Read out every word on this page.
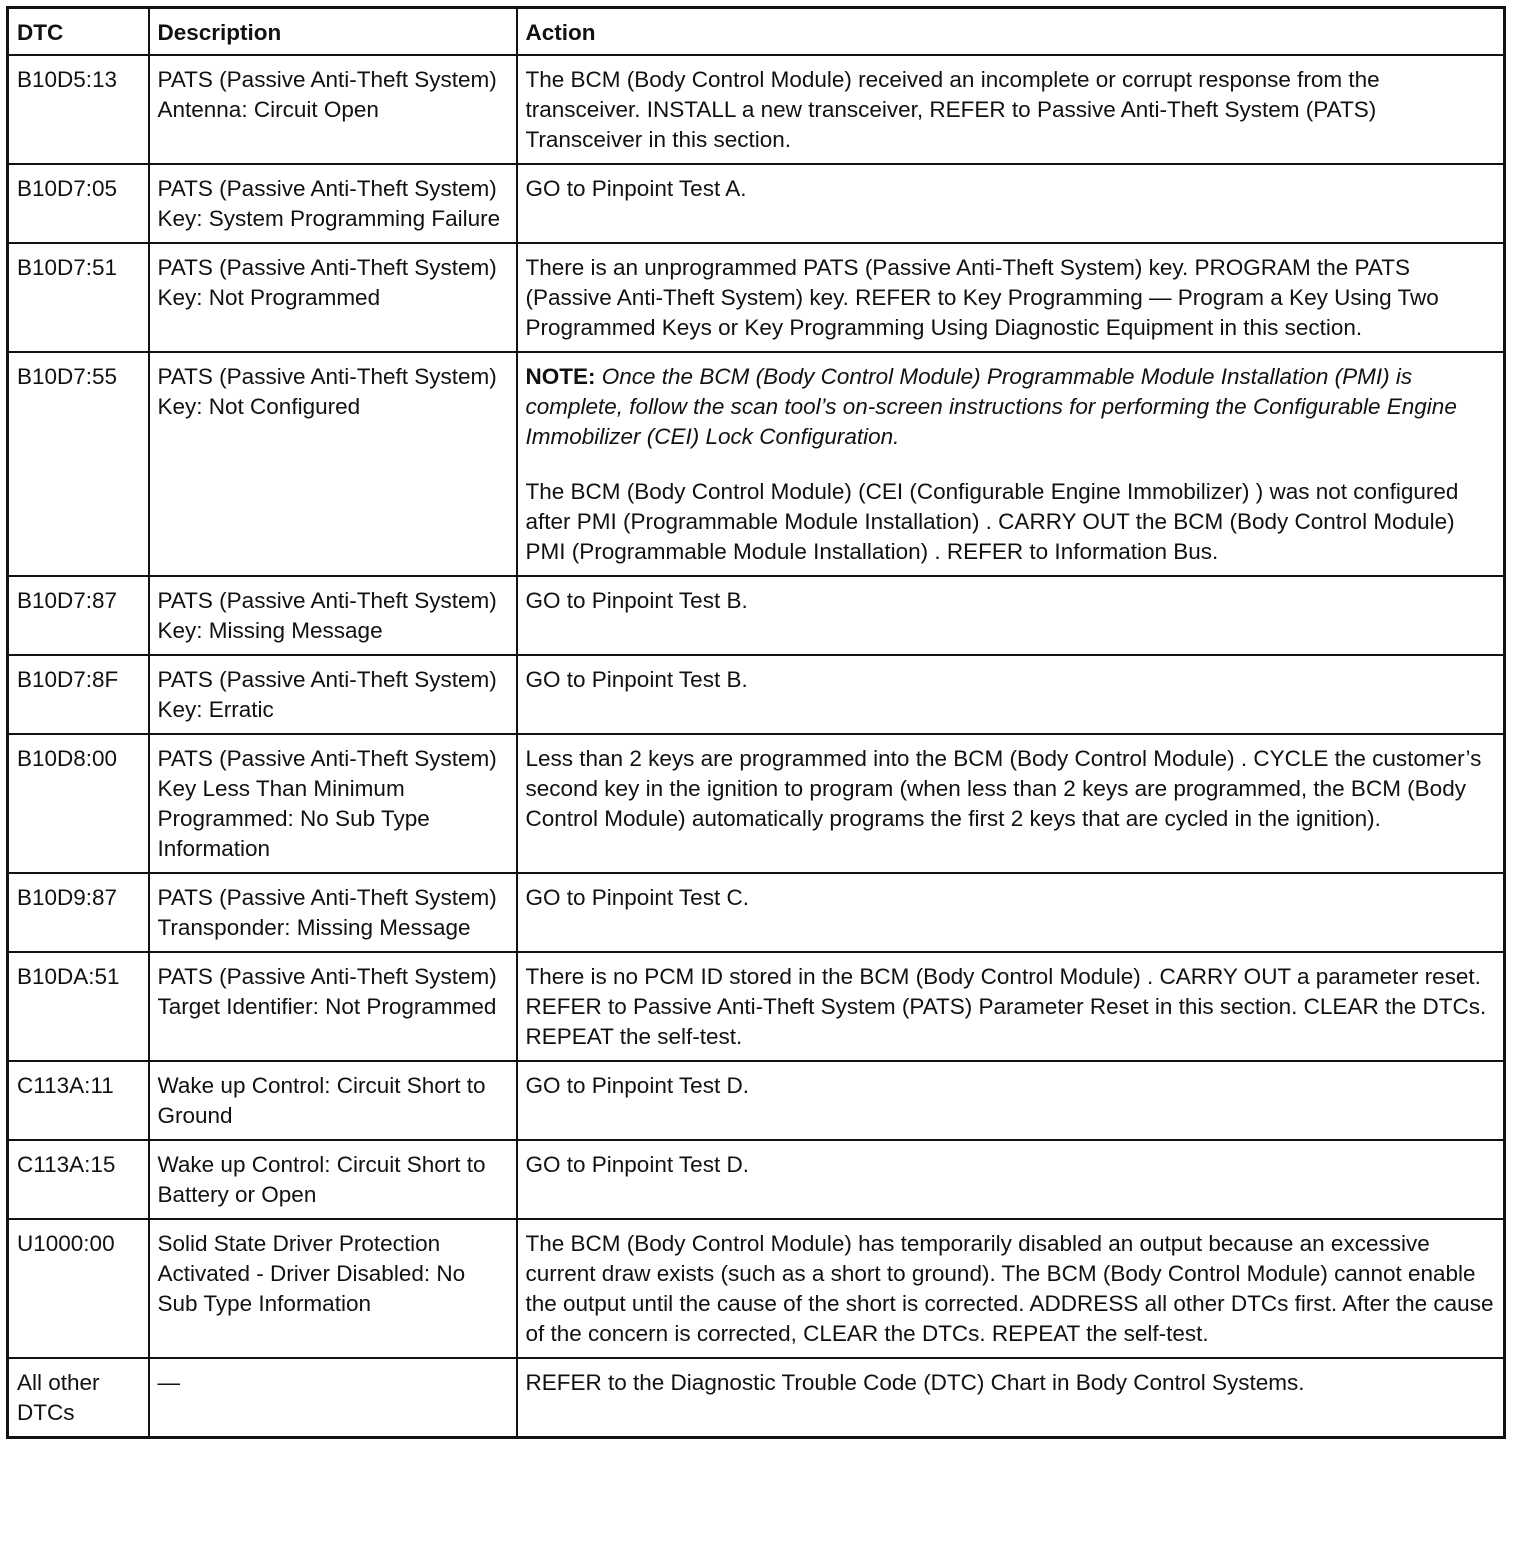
DTC	Description	Action
B10D5:13	PATS (Passive Anti-Theft System) Antenna: Circuit Open	The BCM (Body Control Module) received an incomplete or corrupt response from the transceiver. INSTALL a new transceiver, REFER to Passive Anti-Theft System (PATS) Transceiver in this section.
B10D7:05	PATS (Passive Anti-Theft System) Key: System Programming Failure	GO to Pinpoint Test A.
B10D7:51	PATS (Passive Anti-Theft System) Key: Not Programmed	There is an unprogrammed PATS (Passive Anti-Theft System) key. PROGRAM the PATS (Passive Anti-Theft System) key. REFER to Key Programming — Program a Key Using Two Programmed Keys or Key Programming Using Diagnostic Equipment in this section.
B10D7:55	PATS (Passive Anti-Theft System) Key: Not Configured	NOTE: Once the BCM (Body Control Module) Programmable Module Installation (PMI) is complete, follow the scan tool’s on-screen instructions for performing the Configurable Engine Immobilizer (CEI) Lock Configuration.

The BCM (Body Control Module) (CEI (Configurable Engine Immobilizer) ) was not configured after PMI (Programmable Module Installation) . CARRY OUT the BCM (Body Control Module) PMI (Programmable Module Installation) . REFER to Information Bus.

B10D7:87	PATS (Passive Anti-Theft System) Key: Missing Message	GO to Pinpoint Test B.
B10D7:8F	PATS (Passive Anti-Theft System) Key: Erratic	GO to Pinpoint Test B.
B10D8:00	PATS (Passive Anti-Theft System) Key Less Than Minimum Programmed: No Sub Type Information	Less than 2 keys are programmed into the BCM (Body Control Module) . CYCLE the customer’s second key in the ignition to program (when less than 2 keys are programmed, the BCM (Body Control Module) automatically programs the first 2 keys that are cycled in the ignition).
B10D9:87	PATS (Passive Anti-Theft System) Transponder: Missing Message	GO to Pinpoint Test C.
B10DA:51	PATS (Passive Anti-Theft System) Target Identifier: Not Programmed	There is no PCM ID stored in the BCM (Body Control Module) . CARRY OUT a parameter reset. REFER to Passive Anti-Theft System (PATS) Parameter Reset in this section. CLEAR the DTCs. REPEAT the self-test.
C113A:11	Wake up Control: Circuit Short to Ground	GO to Pinpoint Test D.
C113A:15	Wake up Control: Circuit Short to Battery or Open	GO to Pinpoint Test D.
U1000:00	Solid State Driver Protection Activated - Driver Disabled: No Sub Type Information	The BCM (Body Control Module) has temporarily disabled an output because an excessive current draw exists (such as a short to ground). The BCM (Body Control Module) cannot enable the output until the cause of the short is corrected. ADDRESS all other DTCs first. After the cause of the concern is corrected, CLEAR the DTCs. REPEAT the self-test.
All other DTCs	—	REFER to the Diagnostic Trouble Code (DTC) Chart in Body Control Systems.
